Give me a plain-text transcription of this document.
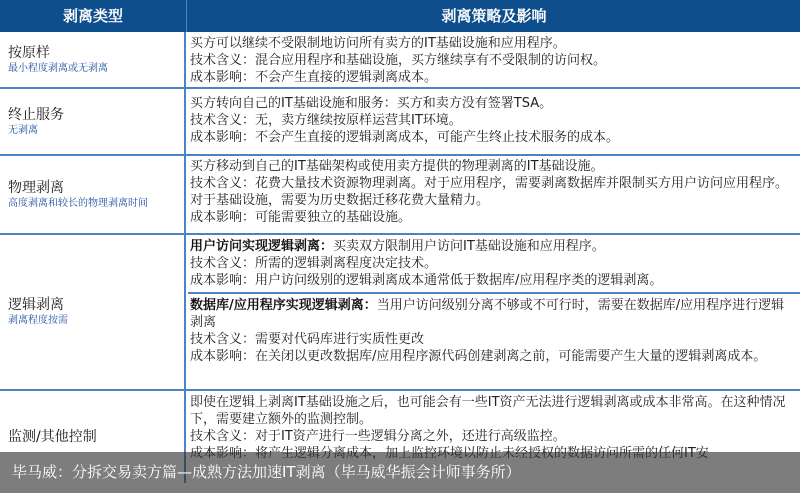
剥离类型	剥离策略及影响
按原样
最小程度剥离或无剥离
买方可以继续不受限制地访问所有卖方的IT基础设施和应用程序。
技术含义：混合应用程序和基础设施，买方继续享有不受限制的访问权。
成本影响：不会产生直接的逻辑剥离成本。
终止服务
无剥离
买方转向自己的IT基础设施和服务：买方和卖方没有签署TSA。
技术含义：无，卖方继续按原样运营其IT环境。
成本影响：不会产生直接的逻辑剥离成本，可能产生终止技术服务的成本。
物理剥离
高度剥离和较长的物理剥离时间
买方移动到自己的IT基础架构或使用卖方提供的物理剥离的IT基础设施。
技术含义：花费大量技术资源物理剥离。对于应用程序，需要剥离数据库并限制买方用户访问应用程序。对于基础设施，需要为历史数据迁移花费大量精力。
成本影响：可能需要独立的基础设施。
逻辑剥离
剥离程度按需
用户访问实现逻辑剥离：买卖双方限制用户访问IT基础设施和应用程序。
技术含义：所需的逻辑剥离程度决定技术。
成本影响：用户访问级别的逻辑剥离成本通常低于数据库/应用程序类的逻辑剥离。
数据库/应用程序实现逻辑剥离：当用户访问级别分离不够或不可行时，需要在数据库/应用程序进行逻辑剥离
技术含义：需要对代码库进行实质性更改
成本影响：在关闭以更改数据库/应用程序源代码创建剥离之前，可能需要产生大量的逻辑剥离成本。
监测/其他控制
即使在逻辑上剥离IT基础设施之后，也可能会有一些IT资产无法进行逻辑剥离或成本非常高。在这种情况下，需要建立额外的监测控制。
技术含义：对于IT资产进行一些逻辑分离之外，还进行高级监控。
毕马威：分拆交易卖方篇—成熟方法加速IT剥离（毕马威华振会计师事务所）
